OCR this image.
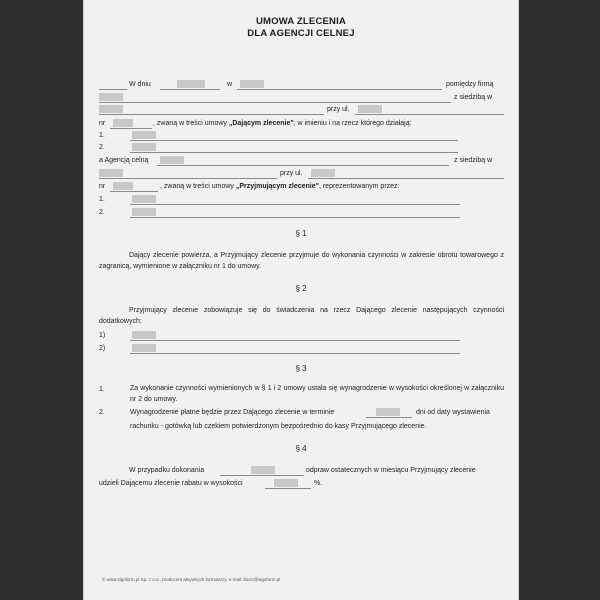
UMOWA ZLECENIA
DLA AGENCJI CELNEJ
W dniu	w	pomiędzy firmą
z siedzibą w
przy ul.
nr	, zwaną w treści umowy „Dającym zlecenie", w imieniu i na rzecz którego działają:
1.
2.
a Agencją celną	z siedzibą w
przy ul.
nr	, zwaną w treści umowy „Przyjmującym zlecenie", reprezentowanym przez:
1.
2.
§ 1
Dający zlecenie powierza, a Przyjmujący zlecenie przyjmuje do wykonania czynności w zakresie obrotu towarowego z zagranicą, wymienione w załączniku nr 1 do umowy.
§ 2
Przyjmujący zlecenie zobowiązuje się do świadczenia na rzecz Dającego zlecenie następujących czynności dodatkowych:
1)
2)
§ 3
1.	Za wykonanie czynności wymienionych w § 1 i 2 umowy ustala się wynagrodzenie w wysokości określonej w załączniku nr 2 do umowy.
2.	Wynagrodzenie płatne będzie przez Dającego zlecenie w terminie	dni od daty wystawienia
rachunku - gotówką lub czekiem potwierdzonym bezpośrednio do kasy Przyjmującego zlecenie.
§ 4
W przypadku dokonania	odpraw ostatecznych w miesiącu Przyjmujący zlecenie
udzieli Dającemu zlecenie rabatu w wysokości	%.
© www.sigoform.pl Sp. z o.o., producent aktywnych formularzy, e-mail: biuro@sigoform.pl
